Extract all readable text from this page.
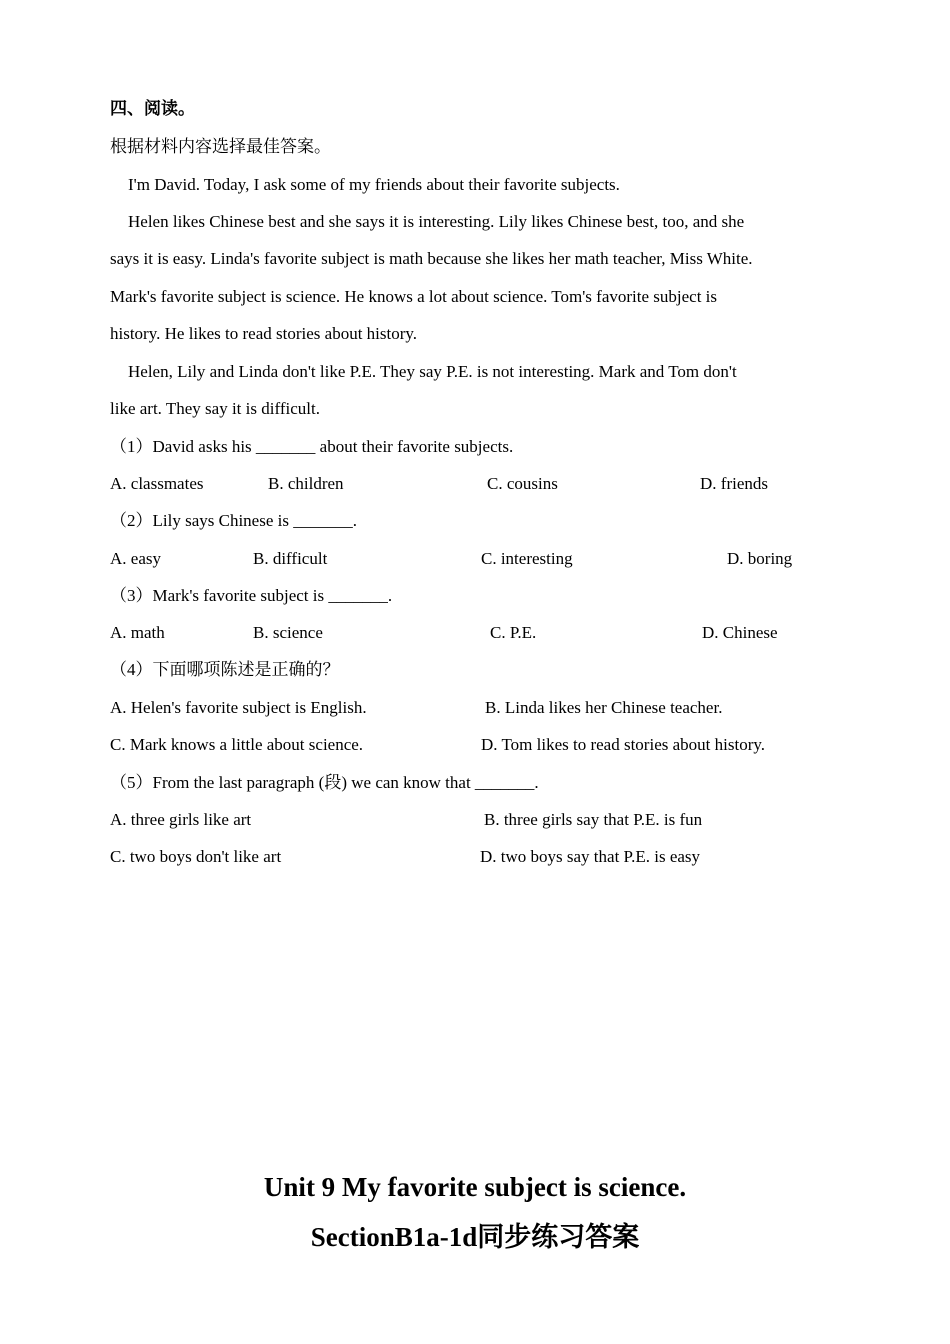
四、阅读。
根据材料内容选择最佳答案。
I'm David. Today, I ask some of my friends about their favorite subjects.
Helen likes Chinese best and she says it is interesting. Lily likes Chinese best, too, and she
says it is easy. Linda's favorite subject is math because she likes her math teacher, Miss White.
Mark's favorite subject is science. He knows a lot about science. Tom's favorite subject is
history. He likes to read stories about history.
Helen, Lily and Linda don't like P.E. They say P.E. is not interesting. Mark and Tom don't
like art. They say it is difficult.
（1）David asks his _______ about their favorite subjects.
A. classmates	B. children	C. cousins	D. friends
（2）Lily says Chinese is _______.
A. easy	B. difficult	C. interesting	D. boring
（3）Mark's favorite subject is _______.
A. math	B. science	C. P.E.	D. Chinese
（4）下面哪项陈述是正确的？
A. Helen's favorite subject is English.	B. Linda likes her Chinese teacher.
C. Mark knows a little about science.	D. Tom likes to read stories about history.
（5）From the last paragraph (段) we can know that _______.
A. three girls like art	B. three girls say that P.E. is fun
C. two boys don't like art	D. two boys say that P.E. is easy
Unit 9 My favorite subject is science.
SectionB1a-1d同步练习答案
